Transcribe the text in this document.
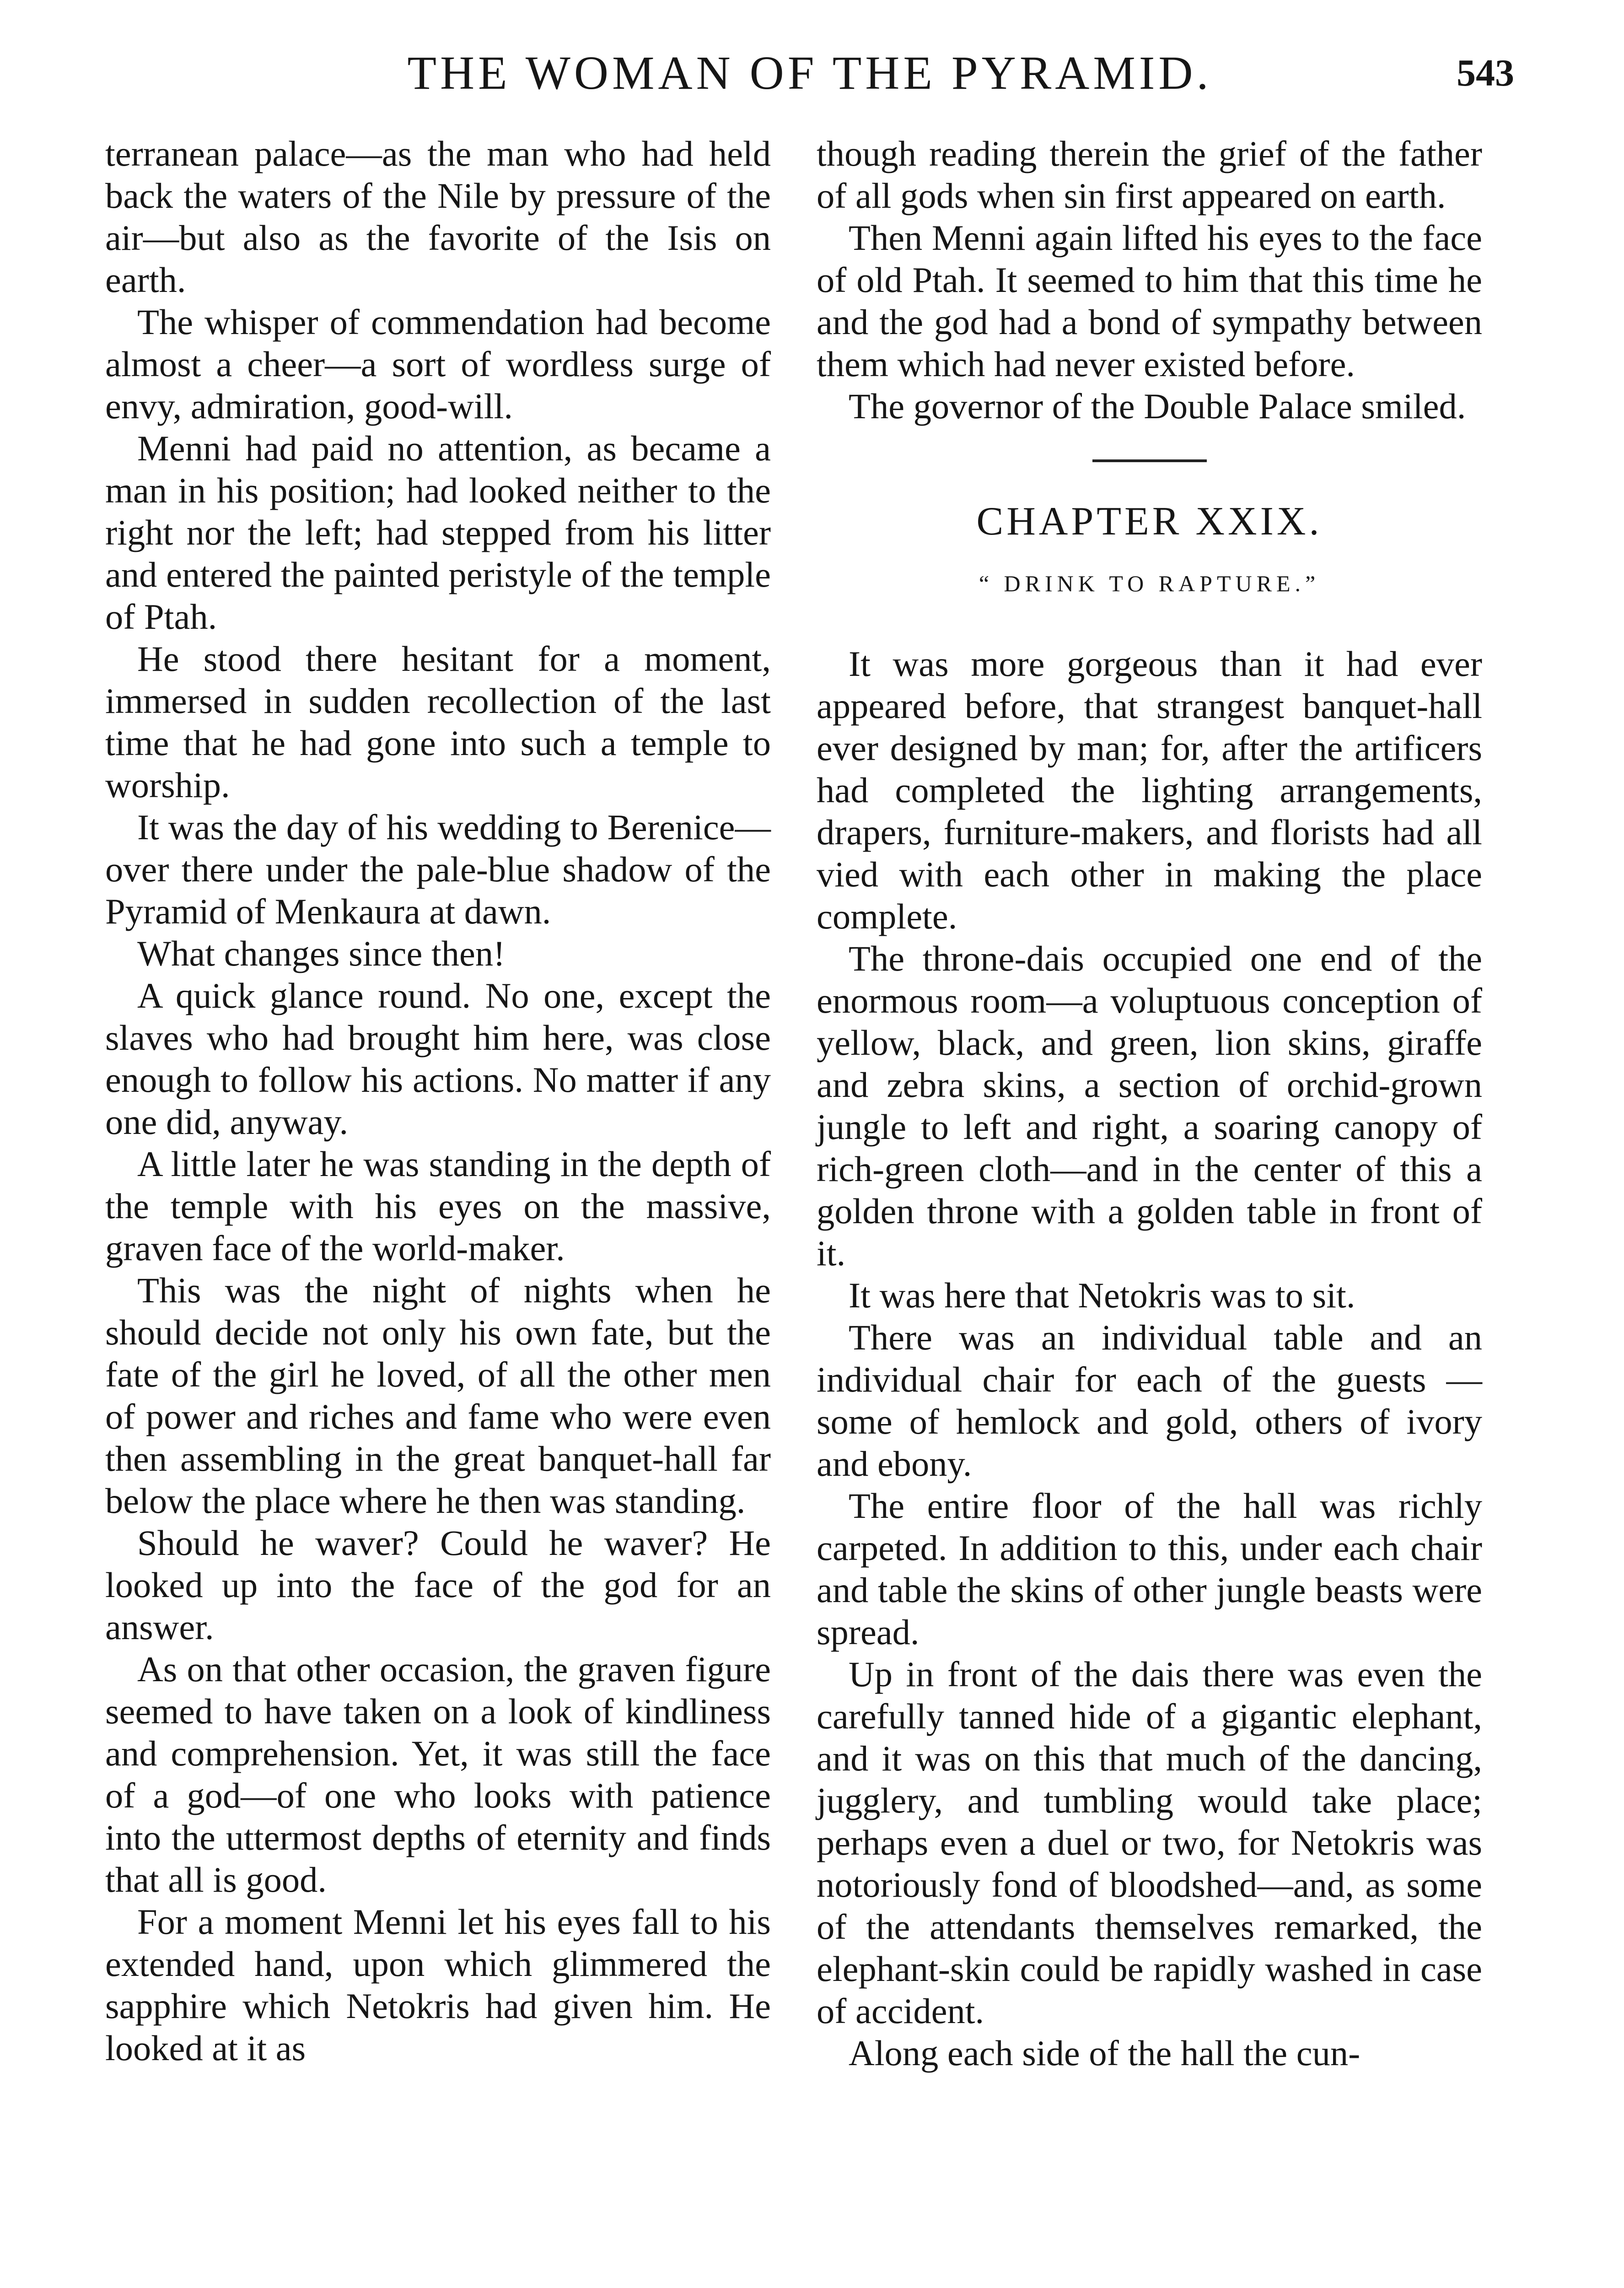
THE WOMAN OF THE PYRAMID.	543

terranean palace—as the man who had held back the waters of the Nile by pressure of the air—but also as the favorite of the Isis on earth.

The whisper of commendation had become almost a cheer—a sort of wordless surge of envy, admiration, good-will.

Menni had paid no attention, as became a man in his position; had looked neither to the right nor the left; had stepped from his litter and entered the painted peristyle of the temple of Ptah.

He stood there hesitant for a moment, immersed in sudden recollection of the last time that he had gone into such a temple to worship.

It was the day of his wedding to Berenice—over there under the pale-blue shadow of the Pyramid of Menkaura at dawn.

What changes since then!

A quick glance round. No one, except the slaves who had brought him here, was close enough to follow his actions. No matter if any one did, anyway.

A little later he was standing in the depth of the temple with his eyes on the massive, graven face of the world-maker.

This was the night of nights when he should decide not only his own fate, but the fate of the girl he loved, of all the other men of power and riches and fame who were even then assembling in the great banquet-hall far below the place where he then was standing.

Should he waver? Could he waver? He looked up into the face of the god for an answer.

As on that other occasion, the graven figure seemed to have taken on a look of kindliness and comprehension. Yet, it was still the face of a god—of one who looks with patience into the uttermost depths of eternity and finds that all is good.

For a moment Menni let his eyes fall to his extended hand, upon which glimmered the sapphire which Netokris had given him. He looked at it as

though reading therein the grief of the father of all gods when sin first appeared on earth.

Then Menni again lifted his eyes to the face of old Ptah. It seemed to him that this time he and the god had a bond of sympathy between them which had never existed before.

The governor of the Double Palace smiled.

CHAPTER XXIX.
“ DRINK TO RAPTURE.”

It was more gorgeous than it had ever appeared before, that strangest banquet-hall ever designed by man; for, after the artificers had completed the lighting arrangements, drapers, furniture-makers, and florists had all vied with each other in making the place complete.

The throne-dais occupied one end of the enormous room—a voluptuous conception of yellow, black, and green, lion skins, giraffe and zebra skins, a section of orchid-grown jungle to left and right, a soaring canopy of rich-green cloth—and in the center of this a golden throne with a golden table in front of it.

It was here that Netokris was to sit.

There was an individual table and an individual chair for each of the guests — some of hemlock and gold, others of ivory and ebony.

The entire floor of the hall was richly carpeted. In addition to this, under each chair and table the skins of other jungle beasts were spread.

Up in front of the dais there was even the carefully tanned hide of a gigantic elephant, and it was on this that much of the dancing, jugglery, and tumbling would take place; perhaps even a duel or two, for Netokris was notoriously fond of bloodshed—and, as some of the attendants themselves remarked, the elephant-skin could be rapidly washed in case of accident.

Along each side of the hall the cun-
